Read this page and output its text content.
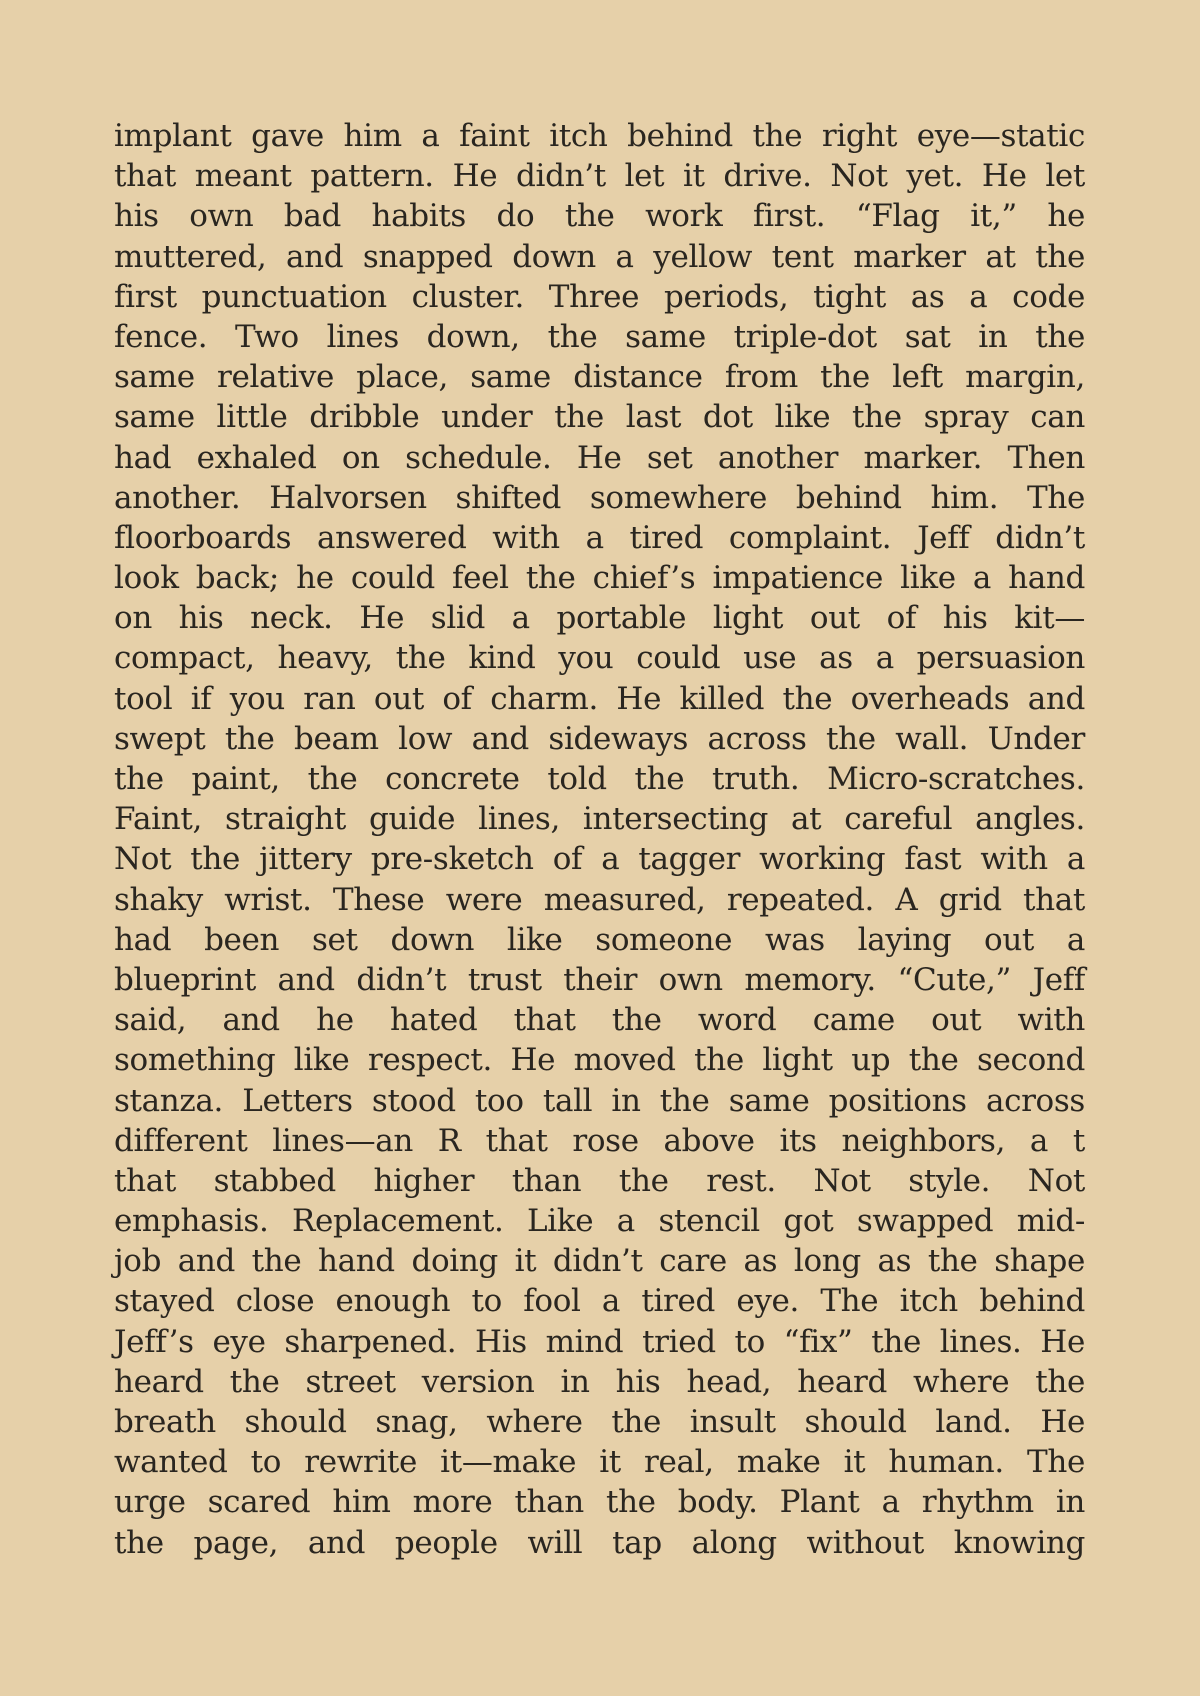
implant gave him a faint itch behind the right eye—static
that meant pattern. He didn’t let it drive. Not yet. He let
his own bad habits do the work first. “Flag it,” he
muttered, and snapped down a yellow tent marker at the
first punctuation cluster. Three periods, tight as a code
fence. Two lines down, the same triple-dot sat in the
same relative place, same distance from the left margin,
same little dribble under the last dot like the spray can
had exhaled on schedule. He set another marker. Then
another. Halvorsen shifted somewhere behind him. The
floorboards answered with a tired complaint. Jeff didn’t
look back; he could feel the chief’s impatience like a hand
on his neck. He slid a portable light out of his kit—
compact, heavy, the kind you could use as a persuasion
tool if you ran out of charm. He killed the overheads and
swept the beam low and sideways across the wall. Under
the paint, the concrete told the truth. Micro-scratches.
Faint, straight guide lines, intersecting at careful angles.
Not the jittery pre-sketch of a tagger working fast with a
shaky wrist. These were measured, repeated. A grid that
had been set down like someone was laying out a
blueprint and didn’t trust their own memory. “Cute,” Jeff
said, and he hated that the word came out with
something like respect. He moved the light up the second
stanza. Letters stood too tall in the same positions across
different lines—an R that rose above its neighbors, a t
that stabbed higher than the rest. Not style. Not
emphasis. Replacement. Like a stencil got swapped mid-
job and the hand doing it didn’t care as long as the shape
stayed close enough to fool a tired eye. The itch behind
Jeff’s eye sharpened. His mind tried to “fix” the lines. He
heard the street version in his head, heard where the
breath should snag, where the insult should land. He
wanted to rewrite it—make it real, make it human. The
urge scared him more than the body. Plant a rhythm in
the page, and people will tap along without knowing
